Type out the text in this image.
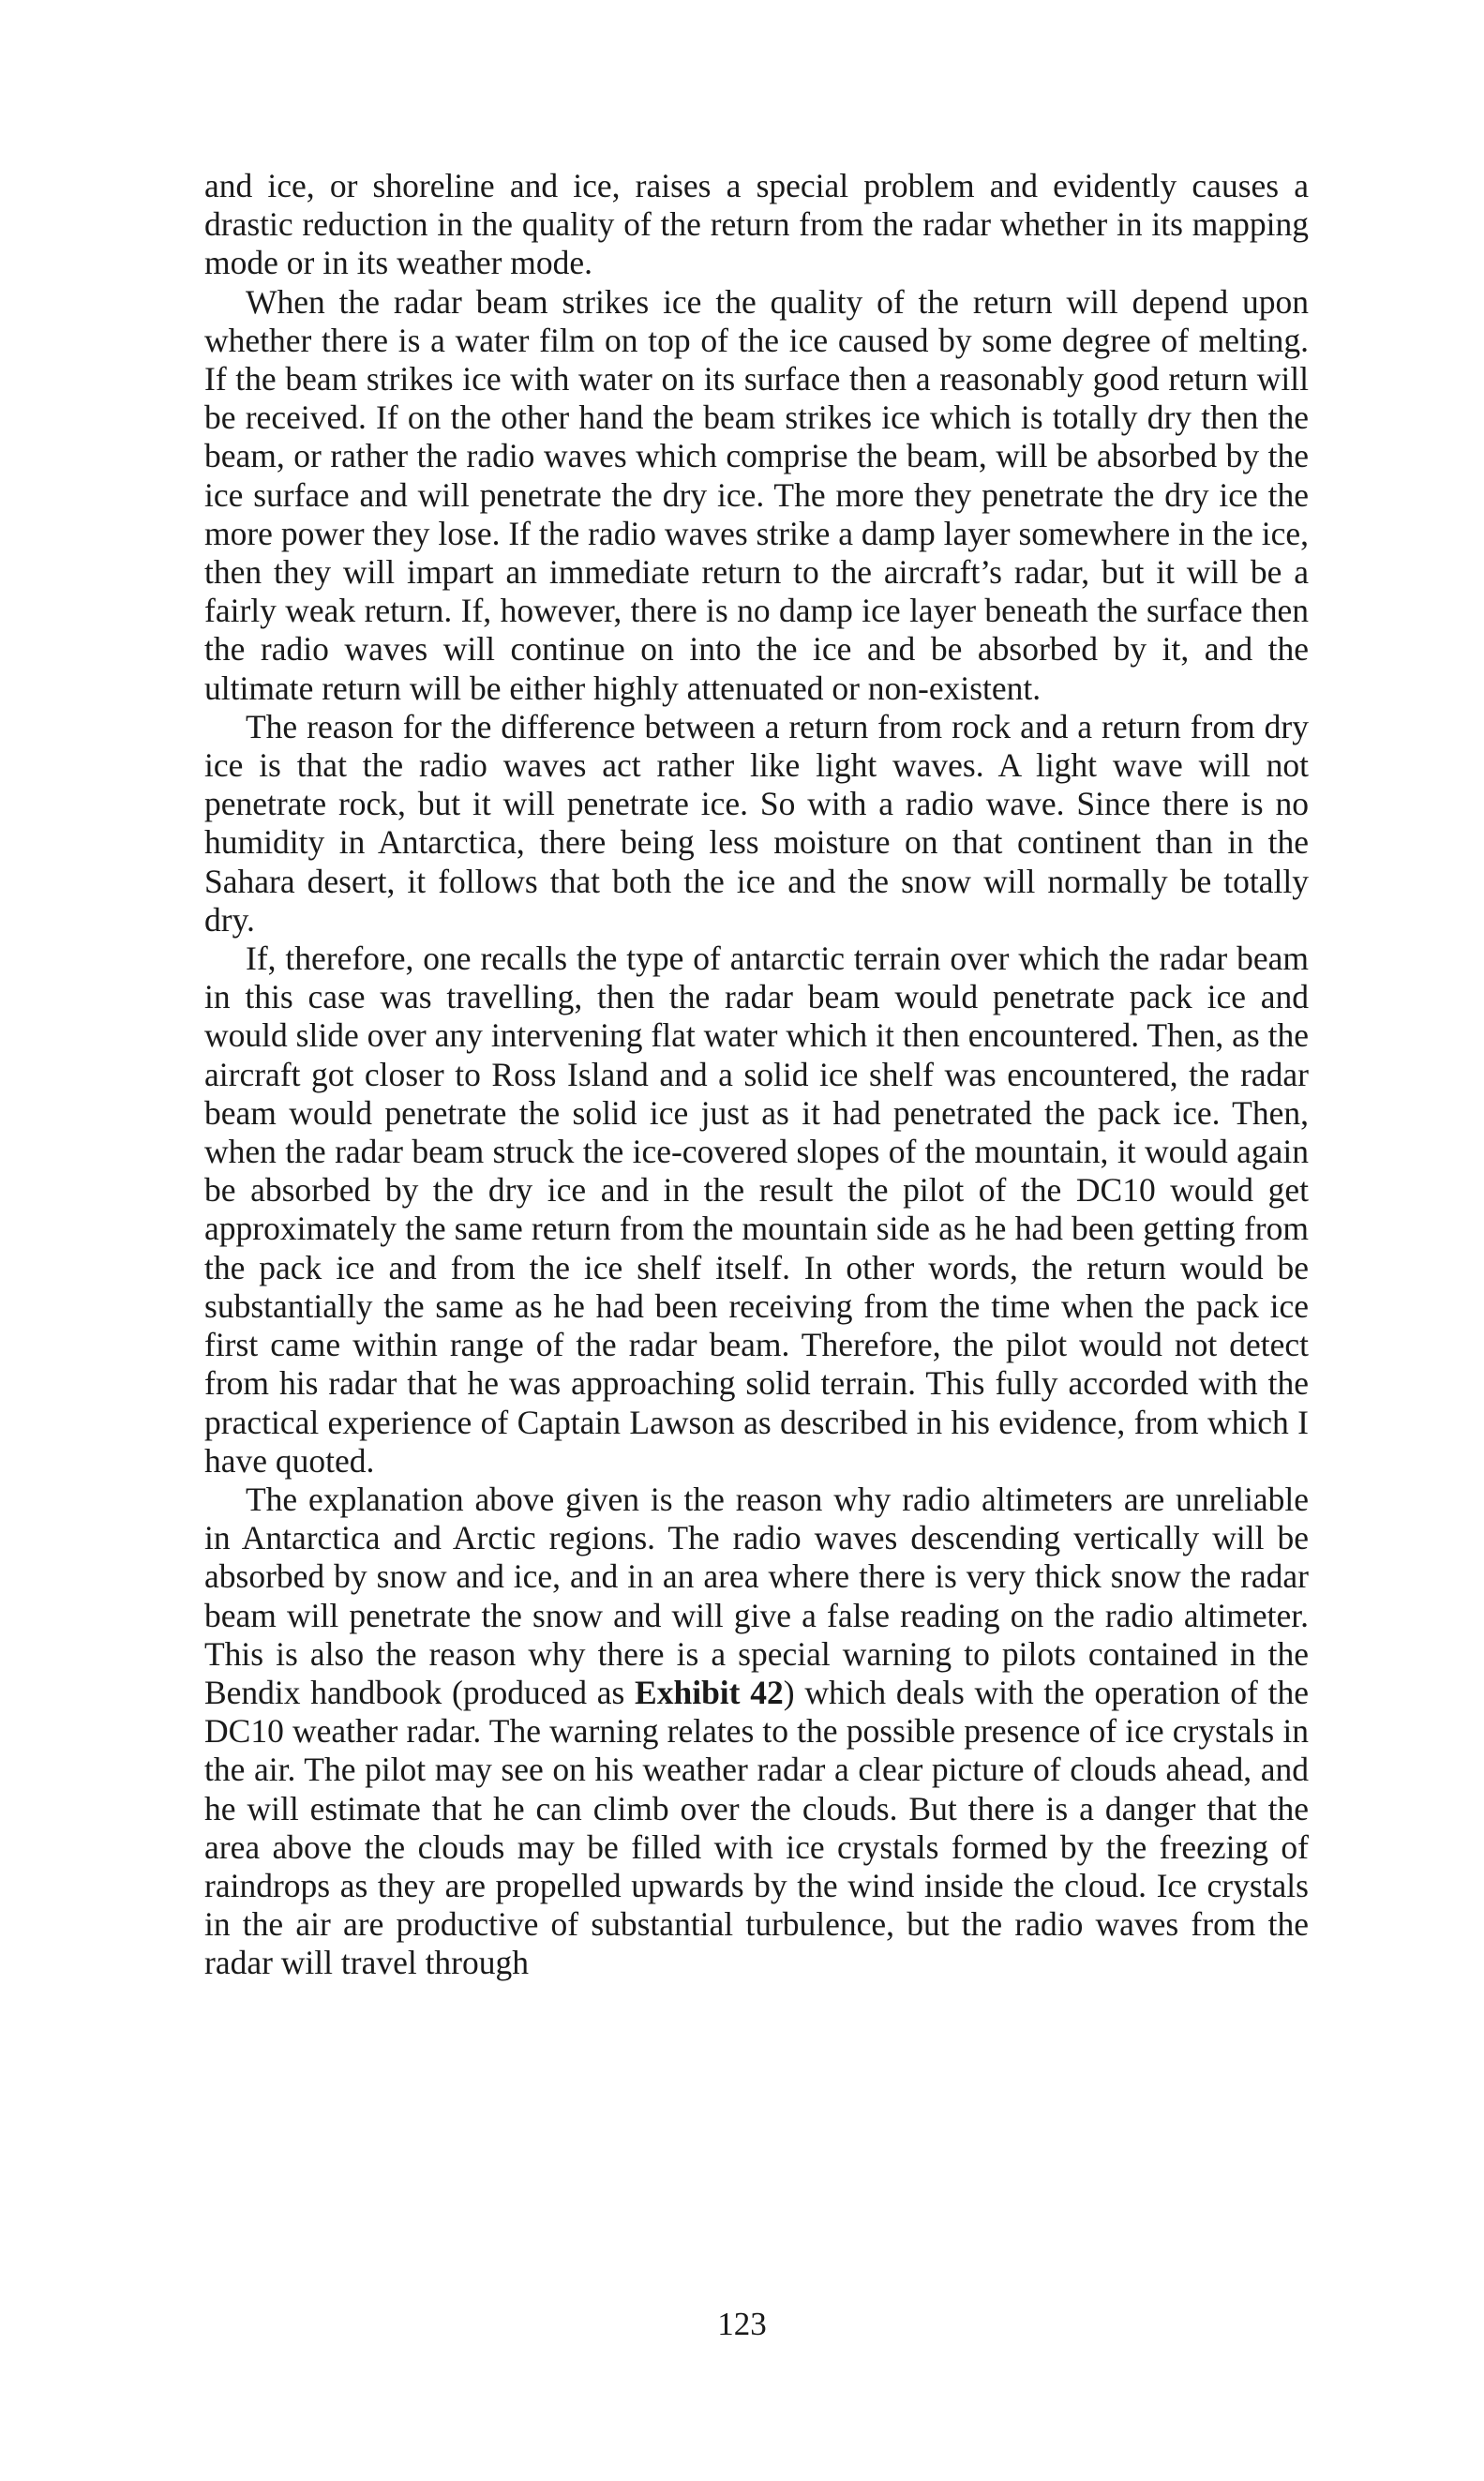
and ice, or shoreline and ice, raises a special problem and evidently causes a drastic reduction in the quality of the return from the radar whether in its mapping mode or in its weather mode.

When the radar beam strikes ice the quality of the return will depend upon whether there is a water film on top of the ice caused by some degree of melting. If the beam strikes ice with water on its surface then a reasonably good return will be received. If on the other hand the beam strikes ice which is totally dry then the beam, or rather the radio waves which comprise the beam, will be absorbed by the ice surface and will penetrate the dry ice. The more they penetrate the dry ice the more power they lose. If the radio waves strike a damp layer somewhere in the ice, then they will impart an immediate return to the aircraft’s radar, but it will be a fairly weak return. If, however, there is no damp ice layer beneath the surface then the radio waves will continue on into the ice and be absorbed by it, and the ultimate return will be either highly attenuated or non-existent.

The reason for the difference between a return from rock and a return from dry ice is that the radio waves act rather like light waves. A light wave will not penetrate rock, but it will penetrate ice. So with a radio wave. Since there is no humidity in Antarctica, there being less moisture on that continent than in the Sahara desert, it follows that both the ice and the snow will normally be totally dry.

If, therefore, one recalls the type of antarctic terrain over which the radar beam in this case was travelling, then the radar beam would penetrate pack ice and would slide over any intervening flat water which it then encountered. Then, as the aircraft got closer to Ross Island and a solid ice shelf was encountered, the radar beam would penetrate the solid ice just as it had penetrated the pack ice. Then, when the radar beam struck the ice-covered slopes of the mountain, it would again be absorbed by the dry ice and in the result the pilot of the DC10 would get approximately the same return from the mountain side as he had been getting from the pack ice and from the ice shelf itself. In other words, the return would be substantially the same as he had been receiving from the time when the pack ice first came within range of the radar beam. Therefore, the pilot would not detect from his radar that he was approaching solid terrain. This fully accorded with the practical experience of Captain Lawson as described in his evidence, from which I have quoted.

The explanation above given is the reason why radio altimeters are unreliable in Antarctica and Arctic regions. The radio waves descending vertically will be absorbed by snow and ice, and in an area where there is very thick snow the radar beam will penetrate the snow and will give a false reading on the radio altimeter. This is also the reason why there is a special warning to pilots contained in the Bendix handbook (produced as Exhibit 42) which deals with the operation of the DC10 weather radar. The warning relates to the possible presence of ice crystals in the air. The pilot may see on his weather radar a clear picture of clouds ahead, and he will estimate that he can climb over the clouds. But there is a danger that the area above the clouds may be filled with ice crystals formed by the freezing of raindrops as they are propelled upwards by the wind inside the cloud. Ice crystals in the air are productive of substantial turbulence, but the radio waves from the radar will travel through

123
